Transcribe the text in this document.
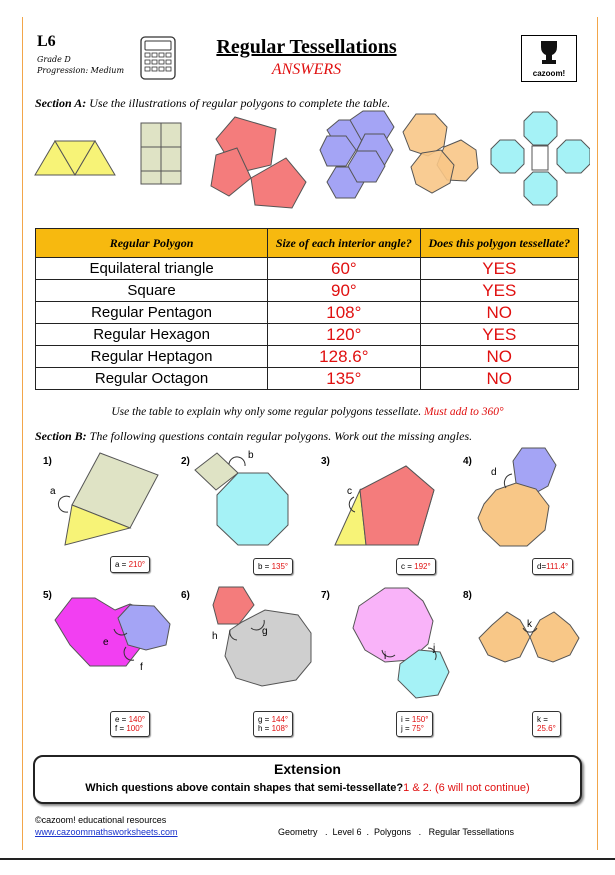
L6
Grade D
Progression: Medium
Regular Tessellations
ANSWERS	cazoom!
Section A: Use the illustrations of regular polygons to complete the table.
Regular Polygon	Size of each interior angle?	Does this polygon tessellate?
Equilateral triangle	60°	YES
Square	90°	YES
Regular Pentagon	108°	NO
Regular Hexagon	120°	YES
Regular Heptagon	128.6°	NO
Regular Octagon	135°	NO
Use the table to explain why only some regular polygons tessellate. Must add to 360°
Section B: The following questions contain regular polygons. Work out the missing angles.
1)	2)	3)	4)
5)	6)	7)	8)
a
b
c
d
e
f
g
h
i
j
k
a = 210°	b = 135°	c = 192°	d=111.4°
e = 140°
f = 100°
g = 144°
h = 108°
i = 150°
j = 75°
k =
25.6°
Extension
Which questions above contain shapes that semi-tessellate?1 & 2. (6 will not continue)
©cazoom! educational resources
www.cazoommathsworksheets.com	Geometry   .  Level 6  .  Polygons   .   Regular Tessellations
